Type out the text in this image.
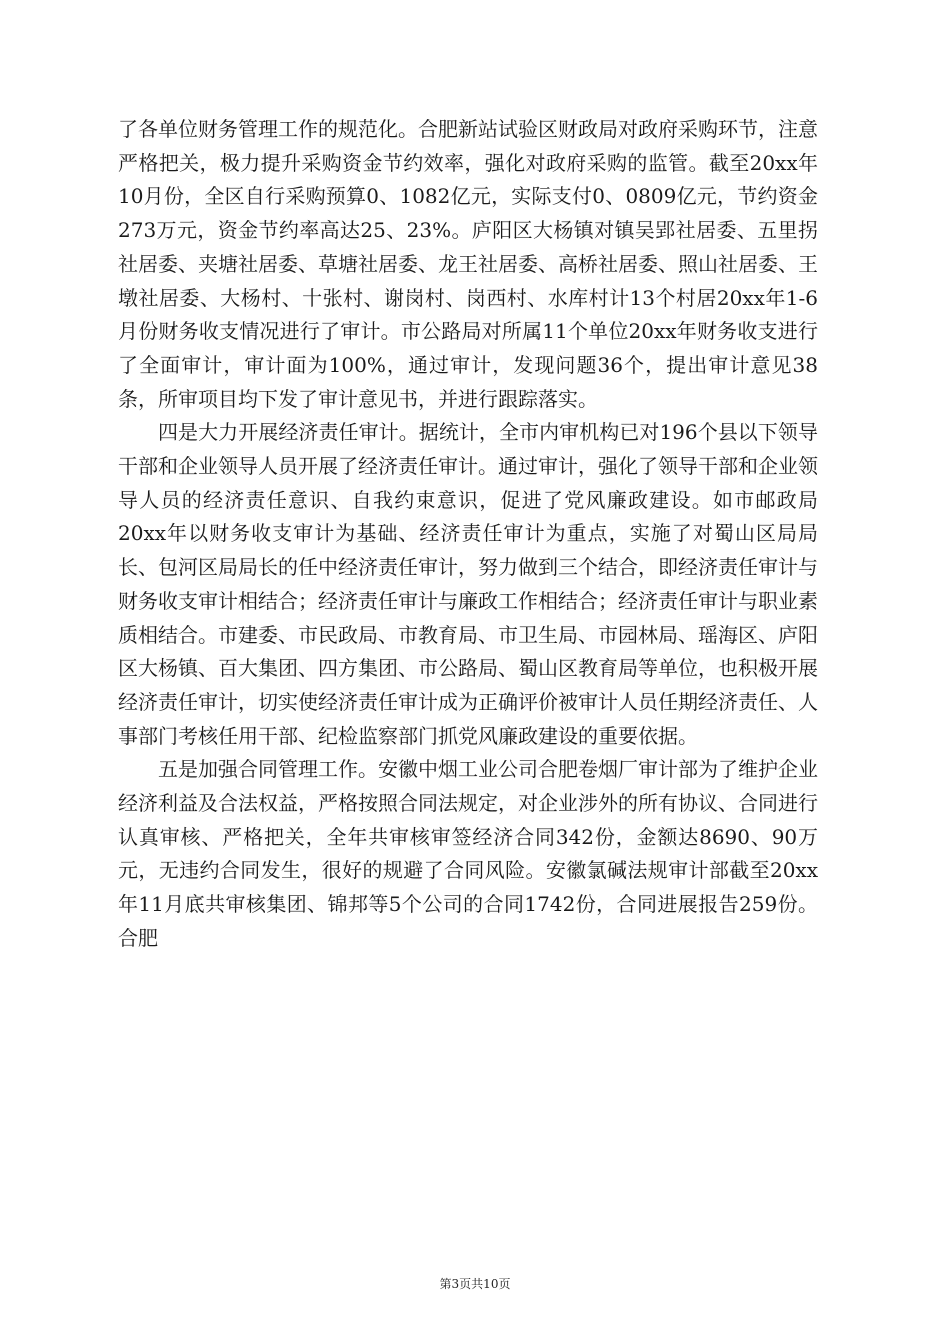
了各单位财务管理工作的规范化。合肥新站试验区财政局对政府采购环节，注意严格把关，极力提升采购资金节约效率，强化对政府采购的监管。截至20xx年10月份，全区自行采购预算0、1082亿元，实际支付0、0809亿元，节约资金273万元，资金节约率高达25、23%。庐阳区大杨镇对镇吴郢社居委、五里拐社居委、夹塘社居委、草塘社居委、龙王社居委、高桥社居委、照山社居委、王墩社居委、大杨村、十张村、谢岗村、岗西村、水库村计13个村居20xx年1-6月份财务收支情况进行了审计。市公路局对所属11个单位20xx年财务收支进行了全面审计，审计面为100%，通过审计，发现问题36个，提出审计意见38条，所审项目均下发了审计意见书，并进行跟踪落实。

四是大力开展经济责任审计。据统计，全市内审机构已对196个县以下领导干部和企业领导人员开展了经济责任审计。通过审计，强化了领导干部和企业领导人员的经济责任意识、自我约束意识，促进了党风廉政建设。如市邮政局20xx年以财务收支审计为基础、经济责任审计为重点，实施了对蜀山区局局长、包河区局局长的任中经济责任审计，努力做到三个结合，即经济责任审计与财务收支审计相结合；经济责任审计与廉政工作相结合；经济责任审计与职业素质相结合。市建委、市民政局、市教育局、市卫生局、市园林局、瑶海区、庐阳区大杨镇、百大集团、四方集团、市公路局、蜀山区教育局等单位，也积极开展经济责任审计，切实使经济责任审计成为正确评价被审计人员任期经济责任、人事部门考核任用干部、纪检监察部门抓党风廉政建设的重要依据。

五是加强合同管理工作。安徽中烟工业公司合肥卷烟厂审计部为了维护企业经济利益及合法权益，严格按照合同法规定，对企业涉外的所有协议、合同进行认真审核、严格把关，全年共审核审签经济合同342份，金额达8690、90万元，无违约合同发生，很好的规避了合同风险。安徽氯碱法规审计部截至20xx年11月底共审核集团、锦邦等5个公司的合同1742份，合同进展报告259份。合肥

第3页共10页
